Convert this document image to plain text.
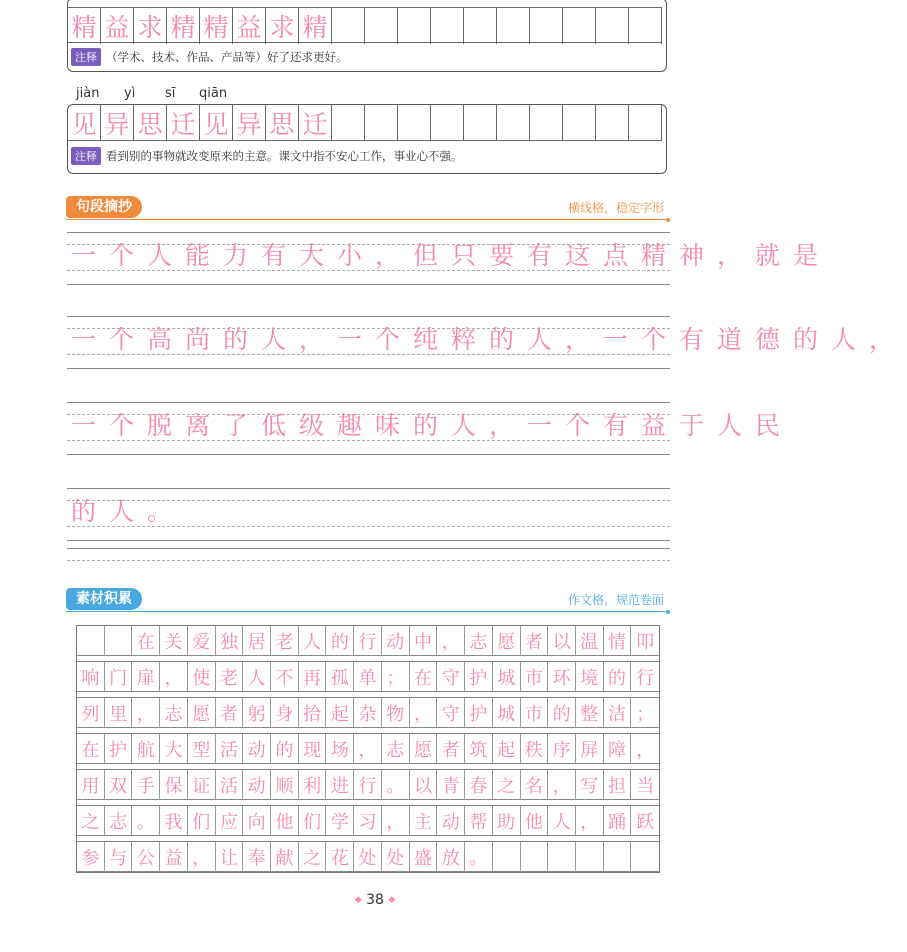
精 益 求 精 精 益 求 精
注释 （学术、技术、作品、产品等）好了还求更好。
jiàn yì sī qiān
见 异 思 迁 见 异 思 迁
注释 看到别的事物就改变原来的主意。课文中指不安心工作，事业心不强。
句段摘抄	横线格，稳定字形
一个人能力有大小，但只要有这点精神，就是
一个高尚的人，一个纯粹的人，一个有道德的人，
一个脱离了低级趣味的人，一个有益于人民
的人。
素材积累	作文格，规范卷面
在 关 爱 独 居 老 人 的 行 动 中 ， 志 愿 者 以 温 情 叩
响 门 扉 ， 使 老 人 不 再 孤 单 ； 在 守 护 城 市 环 境 的 行
列 里 ， 志 愿 者 躬 身 拾 起 杂 物 ， 守 护 城 市 的 整 洁 ；
在 护 航 大 型 活 动 的 现 场 ， 志 愿 者 筑 起 秩 序 屏 障 ，
用 双 手 保 证 活 动 顺 利 进 行 。 以 青 春 之 名 ， 写 担 当
之 志 。 我 们 应 向 他 们 学 习 ， 主 动 帮 助 他 人 ， 踊 跃
参 与 公 益 ， 让 奉 献 之 花 处 处 盛 放 。
◆ 38 ◆
